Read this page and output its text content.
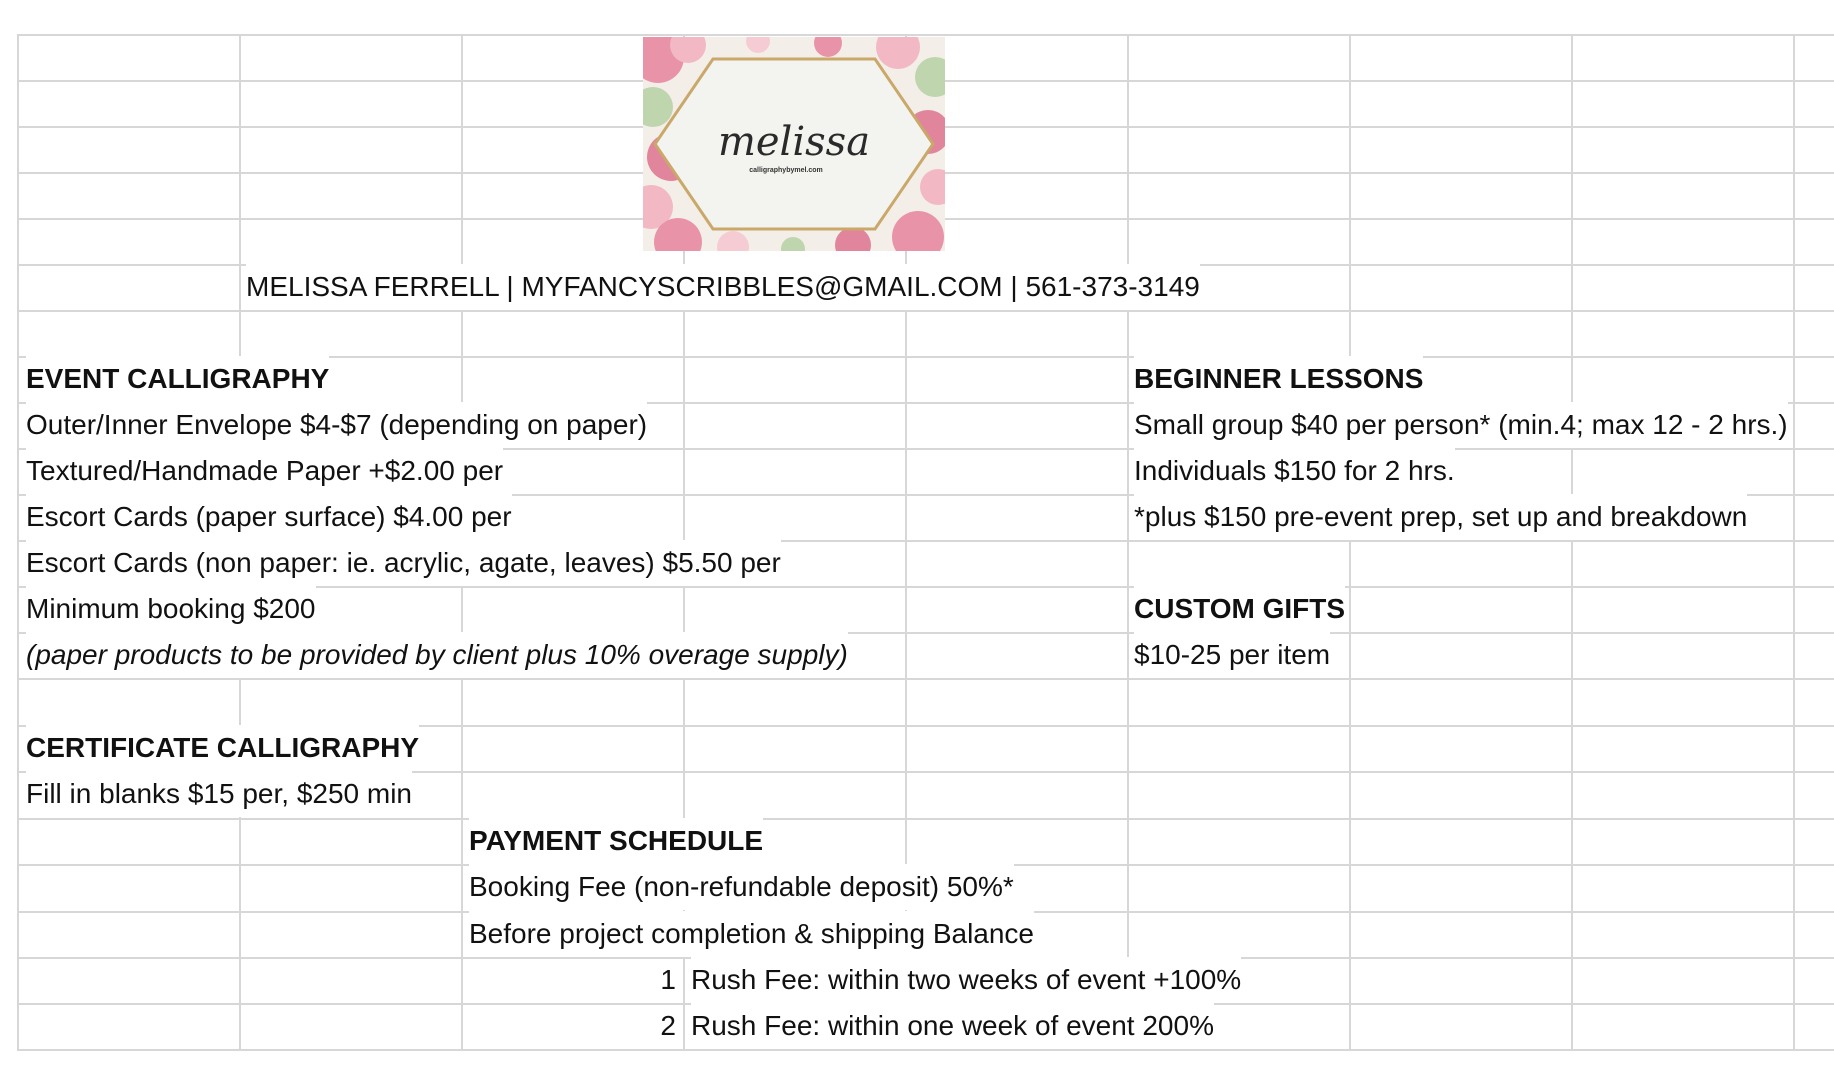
melissa
calligraphybymel.com
MELISSA FERRELL | MYFANCYSCRIBBLES@GMAIL.COM | 561-373-3149
EVENT CALLIGRAPHY
Outer/Inner Envelope $4-$7 (depending on paper)
Textured/Handmade Paper +$2.00 per
Escort Cards (paper surface) $4.00 per
Escort Cards (non paper: ie. acrylic, agate, leaves) $5.50 per
Minimum booking $200
(paper products to be provided by client plus 10% overage supply)
BEGINNER LESSONS
Small group $40 per person* (min.4; max 12 - 2 hrs.)
Individuals $150 for 2 hrs.
*plus $150 pre-event prep, set up and breakdown
CUSTOM GIFTS
$10-25 per item
CERTIFICATE CALLIGRAPHY
Fill in blanks $15 per, $250 min
PAYMENT SCHEDULE
Booking Fee (non-refundable deposit) 50%*
Before project completion & shipping Balance
1 Rush Fee: within two weeks of event +100%
2 Rush Fee: within one week of event 200%
